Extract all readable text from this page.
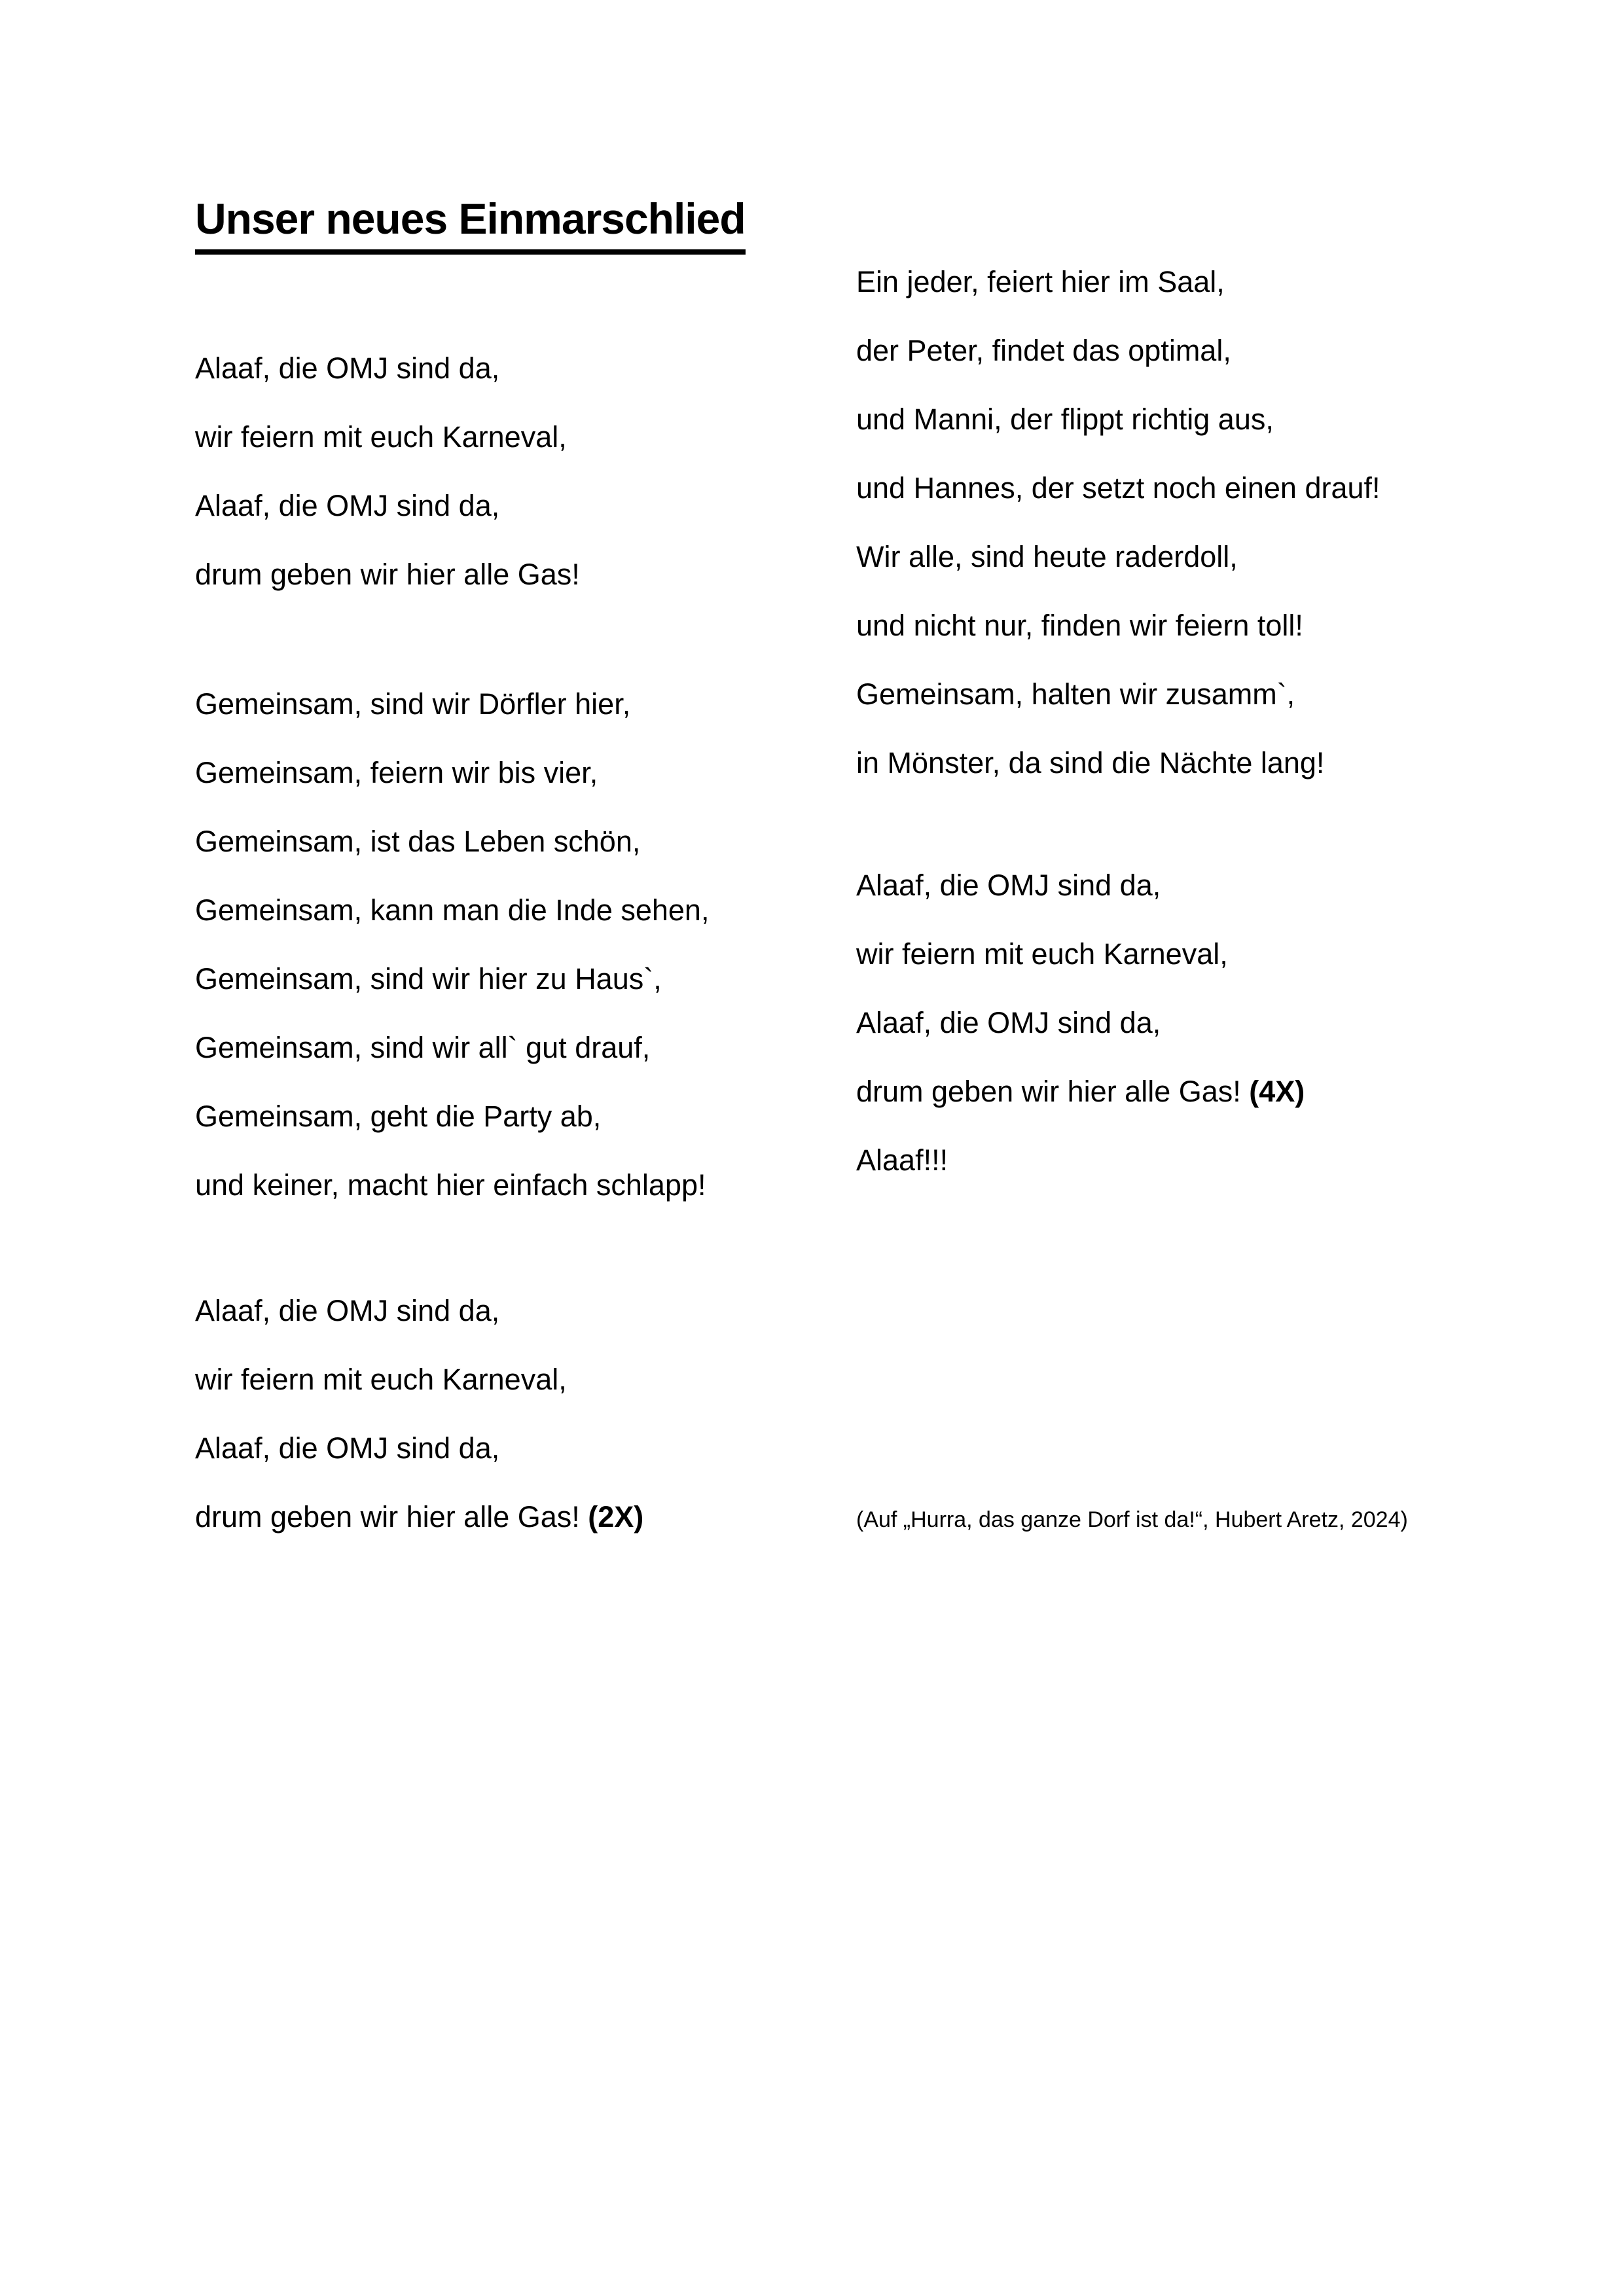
Unser neues Einmarschlied

Alaaf, die OMJ sind da,

wir feiern mit euch Karneval,

Alaaf, die OMJ sind da,

drum geben wir hier alle Gas!

Gemeinsam, sind wir Dörfler hier,

Gemeinsam, feiern wir bis vier,

Gemeinsam, ist das Leben schön,

Gemeinsam, kann man die Inde sehen,

Gemeinsam, sind wir hier zu Haus`,

Gemeinsam, sind wir all` gut drauf,

Gemeinsam, geht die Party ab,

und keiner, macht hier einfach schlapp!

Alaaf, die OMJ sind da,

wir feiern mit euch Karneval,

Alaaf, die OMJ sind da,

drum geben wir hier alle Gas! (2X)

Ein jeder, feiert hier im Saal,

der Peter, findet das optimal,

und Manni, der flippt richtig aus,

und Hannes, der setzt noch einen drauf!

Wir alle, sind heute raderdoll,

und nicht nur, finden wir feiern toll!

Gemeinsam, halten wir zusamm`,

in Mönster, da sind die Nächte lang!

Alaaf, die OMJ sind da,

wir feiern mit euch Karneval,

Alaaf, die OMJ sind da,

drum geben wir hier alle Gas! (4X)

Alaaf!!!

(Auf „Hurra, das ganze Dorf ist da!“, Hubert Aretz, 2024)
